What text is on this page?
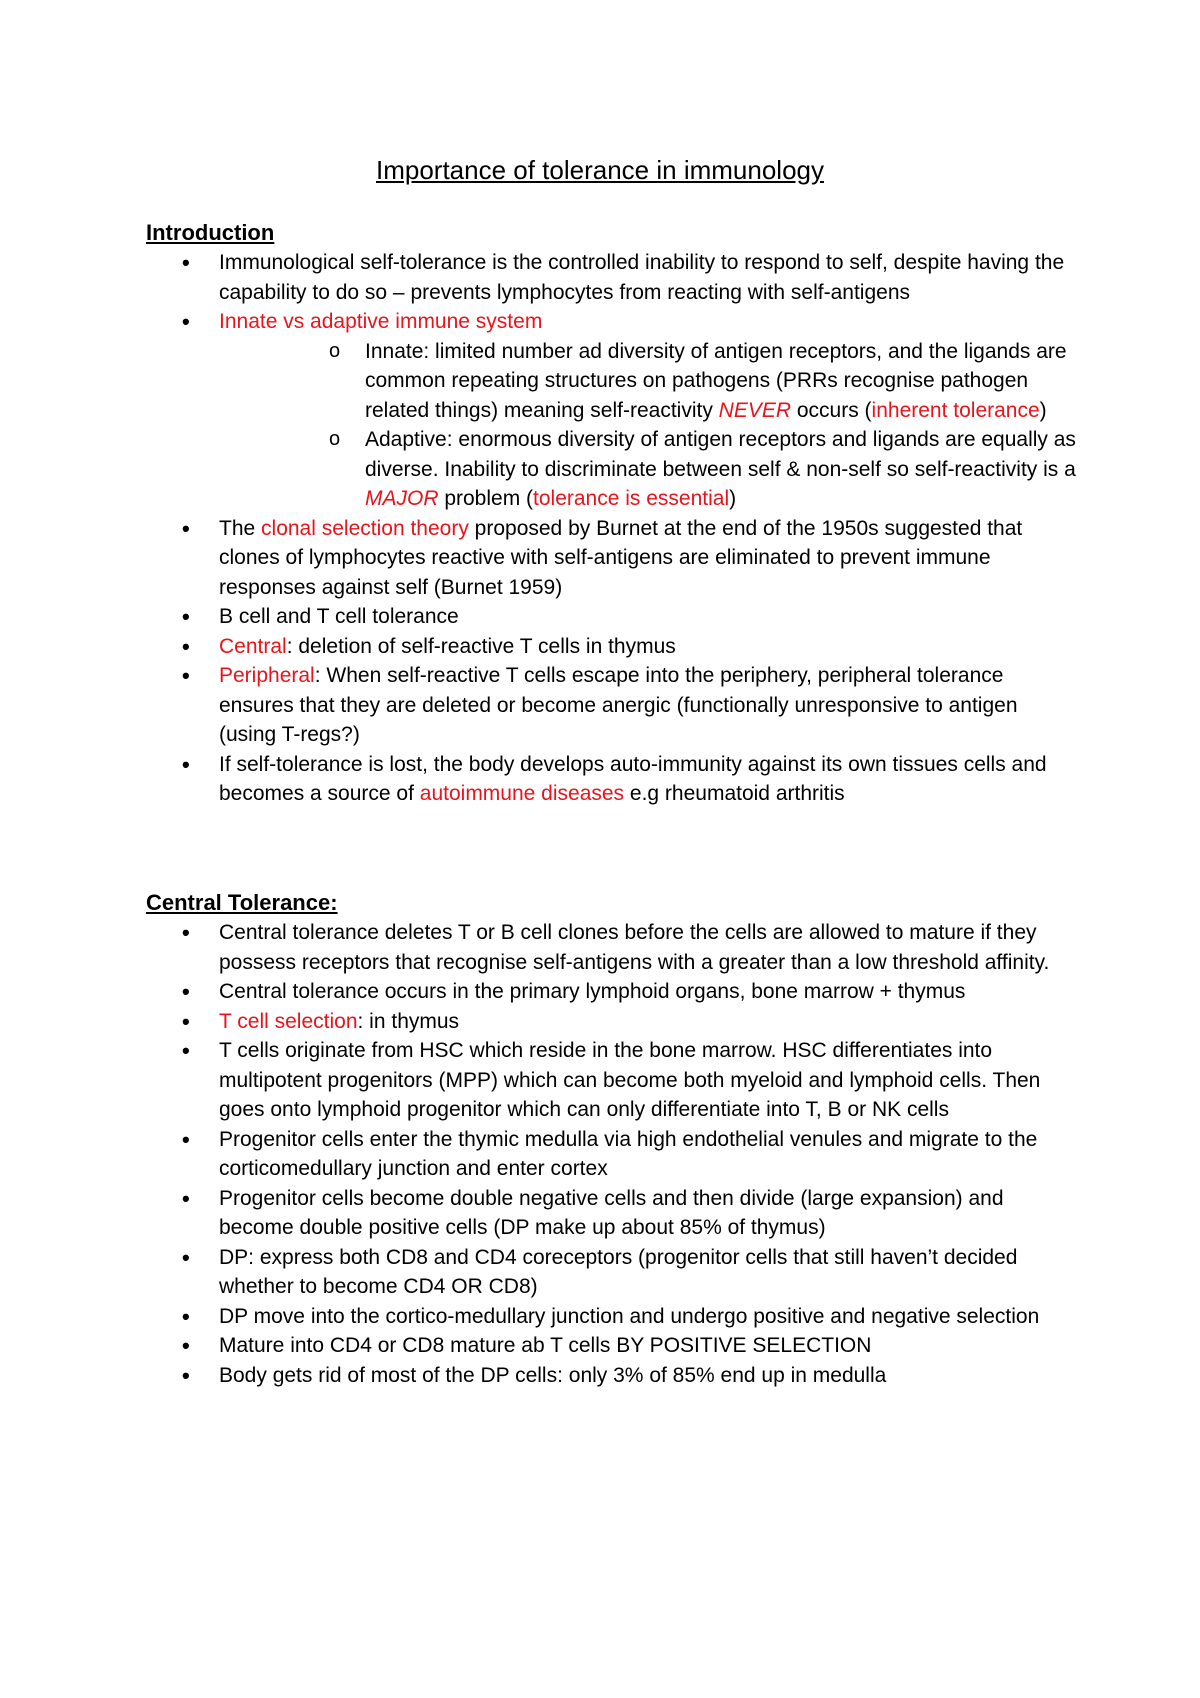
Importance of tolerance in immunology
Introduction
• Immunological self-tolerance is the controlled inability to respond to self, despite having the capability to do so – prevents lymphocytes from reacting with self-antigens
• Innate vs adaptive immune system
o Innate: limited number ad diversity of antigen receptors, and the ligands are common repeating structures on pathogens (PRRs recognise pathogen related things) meaning self-reactivity NEVER occurs (inherent tolerance)
o Adaptive: enormous diversity of antigen receptors and ligands are equally as diverse. Inability to discriminate between self & non-self so self-reactivity is a MAJOR problem (tolerance is essential)
• The clonal selection theory proposed by Burnet at the end of the 1950s suggested that clones of lymphocytes reactive with self-antigens are eliminated to prevent immune responses against self (Burnet 1959)
• B cell and T cell tolerance
• Central: deletion of self-reactive T cells in thymus
• Peripheral: When self-reactive T cells escape into the periphery, peripheral tolerance ensures that they are deleted or become anergic (functionally unresponsive to antigen (using T-regs?)
• If self-tolerance is lost, the body develops auto-immunity against its own tissues cells and becomes a source of autoimmune diseases e.g rheumatoid arthritis
Central Tolerance:
• Central tolerance deletes T or B cell clones before the cells are allowed to mature if they possess receptors that recognise self-antigens with a greater than a low threshold affinity.
• Central tolerance occurs in the primary lymphoid organs, bone marrow + thymus
• T cell selection: in thymus
• T cells originate from HSC which reside in the bone marrow. HSC differentiates into multipotent progenitors (MPP) which can become both myeloid and lymphoid cells. Then goes onto lymphoid progenitor which can only differentiate into T, B or NK cells
• Progenitor cells enter the thymic medulla via high endothelial venules and migrate to the corticomedullary junction and enter cortex
• Progenitor cells become double negative cells and then divide (large expansion) and become double positive cells (DP make up about 85% of thymus)
• DP: express both CD8 and CD4 coreceptors (progenitor cells that still haven’t decided whether to become CD4 OR CD8)
• DP move into the cortico-medullary junction and undergo positive and negative selection
• Mature into CD4 or CD8 mature ab T cells BY POSITIVE SELECTION
• Body gets rid of most of the DP cells: only 3% of 85% end up in medulla
